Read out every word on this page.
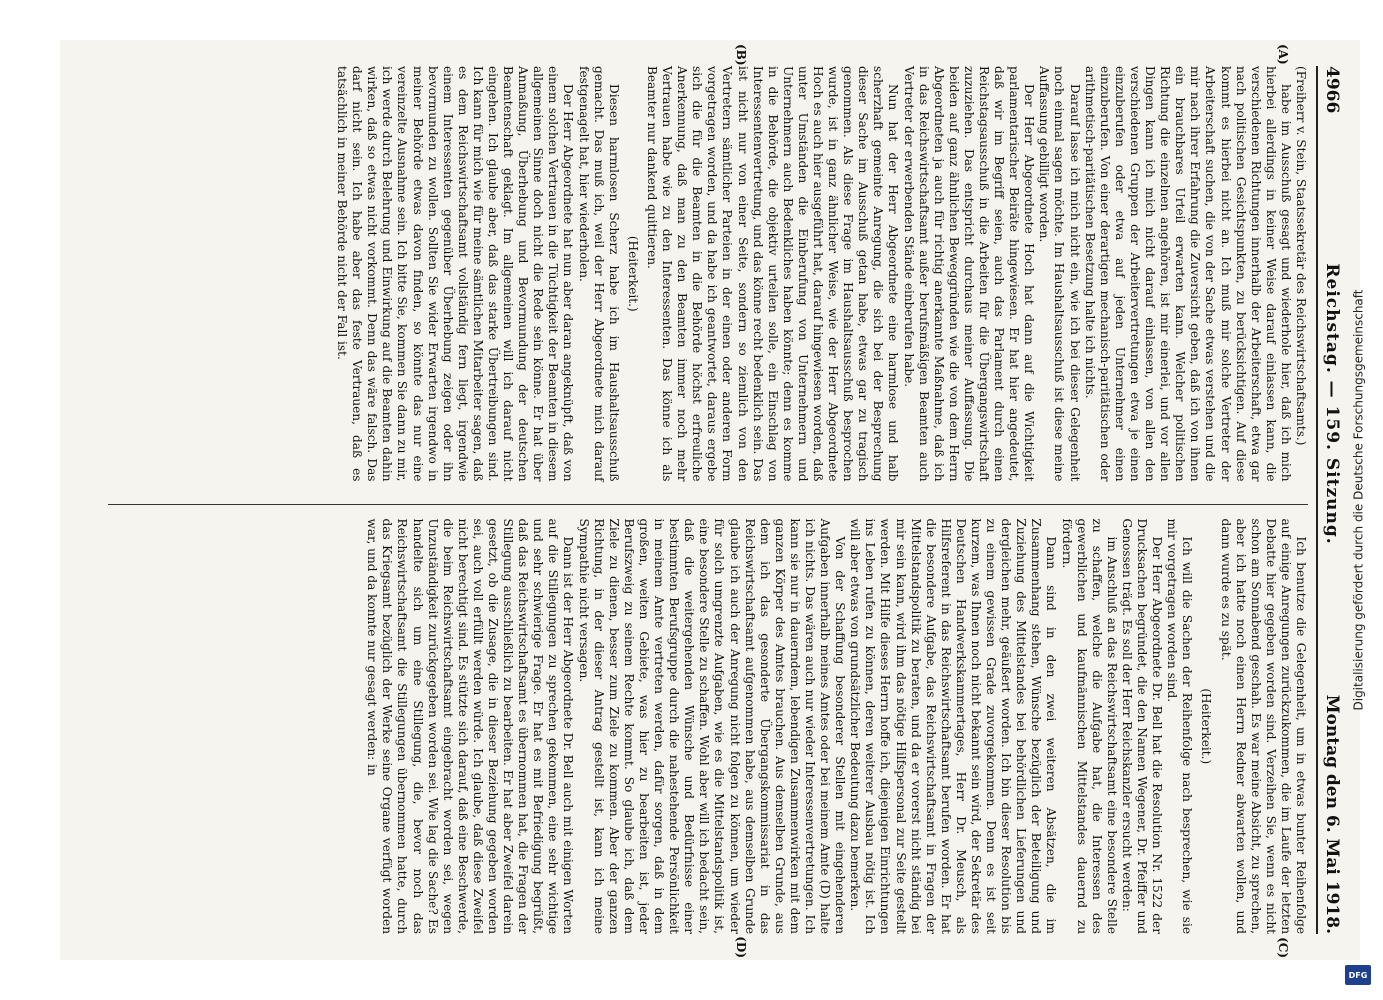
4966
Reichstag. — 159. Sitzung.
Montag den 6. Mai 1918.
(A)
(B)

(Freiherr v. Stein, Staatssekretär des Reichswirtschaftsamts.)

habe im Ausschuß gesagt und wiederhole hier, daß ich mich hierbei allerdings in keiner Weise darauf einlassen kann, die verschiedenen Richtungen innerhalb der Arbeiterschaft, etwa gar nach politischen Gesichtspunkten, zu berücksichtigen. Auf diese kommt es hierbei nicht an. Ich muß mir solche Vertreter der Arbeiterschaft suchen, die von der Sache etwas verstehen und die mir nach ihrer Erfahrung die Zuversicht geben, daß ich von ihnen ein brauchbares Urteil erwarten kann. Welcher politischen Richtung die einzelnen angehören, ist mir einerlei, und vor allen Dingen kann ich mich nicht darauf einlassen, von allen den verschiedenen Gruppen der Arbeitervertretungen etwa je einen einzuberufen oder etwa auf jeden Unternehmer einen einzuberufen. Von einer derartigen mechanisch-paritätischen oder arithmetisch-paritätischen Besetzung halte ich nichts.

Darauf lasse ich mich nicht ein, wie ich bei dieser Gelegenheit noch einmal sagen möchte. Im Haushaltsausschuß ist diese meine Auffassung gebilligt worden.

Der Herr Abgeordnete Hoch hat dann auf die Wichtigkeit parlamentarischer Beiräte hingewiesen. Er hat hier angedeutet, daß wir im Begriff seien, auch das Parlament durch einen Reichstagsausschuß in die Arbeiten für die Übergangswirtschaft zuzuziehen. Das entspricht durchaus meiner Auffassung. Die beiden auf ganz ähnlichen Beweggründen wie die von dem Herrn Abgeordneten ja auch für richtig anerkannte Maßnahme, daß ich in das Reichswirtschaftsamt außer berufsmäßigen Beamten auch Vertreter der erwerbenden Stände einberufen habe.

Nun hat der Herr Abgeordnete eine harmlose und halb scherzhaft gemeinte Anregung, die sich bei der Besprechung dieser Sache im Ausschuß getan habe, etwas gar zu tragisch genommen. Als diese Frage im Haushaltsausschuß besprochen wurde, ist in ganz ähnlicher Weise, wie der Herr Abgeordnete Hoch es auch hier ausgeführt hat, darauf hingewiesen worden, daß unter Umständen die Einberufung von Unternehmern und Unternehmern auch Bedenkliches haben könnte; denn es komme in die Behörde, die objektiv urteilen solle, ein Einschlag von Interessentenvertretung, und das könne recht bedenklich sein. Das ist nicht nur von einer Seite, sondern so ziemlich von den Vertretern sämtlicher Parteien in der einen oder anderen Form vorgetragen worden, und da habe ich geantwortet, daraus ergebe sich die für die Beamten in die Behörde höchst erfreuliche Anerkennung, daß man zu den Beamten immer noch mehr Vertrauen habe wie zu den Interessenten. Das könne ich als Beamter nur dankend quittieren.

(Heiterkeit.)

Diesen harmlosen Scherz habe ich im Haushaltsausschuß gemacht. Das muß ich, weil der Herr Abgeordnete mich darauf festgenagelt hat, hier wiederholen.

Der Herr Abgeordnete hat nun aber daran angeknüpft, daß von einem solchen Vertrauen in die Tüchtigkeit der Beamten in diesem allgemeinen Sinne doch nicht die Rede sein könne. Er hat über Anmaßung, Überhebung und Bevormundung der deutschen Beamtenschaft geklagt. Im allgemeinen will ich darauf nicht eingehen. Ich glaube aber, daß das starke Übertreibungen sind. Ich kann für mich wie für meine sämtlichen Mitarbeiter sagen, daß es dem Reichswirtschaftsamt vollständig fern liegt, irgendwie einem Interessenten gegenüber Überhebung zeigen oder ihn bevormunden zu wollen. Sollten Sie wider Erwarten irgendwo in meiner Behörde etwas davon finden, so könnte das nur eine vereinzelte Ausnahme sein. Ich bitte Sie, kommen Sie dann zu mir, ich werde durch Belehrung und Einwirkung auf die Beamten dahin wirken, daß so etwas nicht vorkommt. Denn das wäre falsch. Das darf nicht sein. Ich habe aber das feste Vertrauen, daß es tatsächlich in meiner Behörde nicht der Fall ist.

(C)
(D)

Ich benutze die Gelegenheit, um in etwas bunter Reihenfolge auf einige Anregungen zurückzukommen, die im Laufe der letzten Debatte hier gegeben worden sind. Verzeihen Sie, wenn es nicht schon am Sonnabend geschah. Es war meine Absicht, zu sprechen, aber ich hatte noch einen Herrn Redner abwarten wollen, und dann wurde es zu spät.

(Heiterkeit.)

Ich will die Sachen der Reihenfolge nach besprechen, wie sie mir vorgetragen worden sind.

Der Herr Abgeordnete Dr. Bell hat die Resolution Nr. 1522 der Drucksachen begründet, die den Namen Wegener, Dr. Pfeiffer und Genossen trägt. Es soll der Herr Reichskanzler ersucht werden:

im Anschluß an das Reichswirtschaftsamt eine besondere Stelle zu schaffen, welche die Aufgabe hat, die Interessen des gewerblichen und kaufmännischen Mittelstandes dauernd zu fördern.

Dann sind in den zwei weiteren Absätzen, die im Zusammenhang stehen, Wünsche bezüglich der Beteiligung und Zuziehung des Mittelstandes bei behördlichen Lieferungen und dergleichen mehr, geäußert worden. Ich bin dieser Resolution bis zu einem gewissen Grade zuvorgekommen. Denn es ist seit kurzem, was Ihnen noch nicht bekannt sein wird, der Sekretär des Deutschen Handwerkskammertages, Herr Dr. Meusch, als Hilfsreferent in das Reichswirtschaftsamt berufen worden. Er hat die besondere Aufgabe, das Reichswirtschaftsamt in Fragen der Mittelstandspolitik zu beraten, und da er vorerst nicht ständig bei mir sein kann, wird ihm das nötige Hilfspersonal zur Seite gestellt werden. Mit Hilfe dieses Herrn hoffe ich, diejenigen Einrichtungen ins Leben rufen zu können, deren weiterer Ausbau nötig ist. Ich will aber etwas von grundsätzlicher Bedeutung dazu bemerken.

Von der Schaffung besonderer Stellen mit eingehenderen Aufgaben innerhalb meines Amtes oder bei meinem Amte (D) halte ich nichts. Das wären auch nur wieder Interessenvertretungen. Ich kann sie nur in dauerndem, lebendigen Zusammenwirken mit dem ganzen Körper des Amtes brauchen. Aus demselben Grunde, aus dem ich das gesonderte Übergangskommissariat in das Reichswirtschaftsamt aufgenommen habe, aus demselben Grunde glaube ich auch der Anregung nicht folgen zu können, um wieder für solch umgrenzte Aufgaben, wie es die Mittelstandspolitik ist, eine besondere Stelle zu schaffen. Wohl aber will ich bedacht sein, daß die weitergehenden Wünsche und Bedürfnisse einer bestimmten Berufsgruppe durch die nahestehende Persönlichkeit in meinem Amte vertreten werden, dafür sorgen, daß in dem großen, weiten Gebiete, was hier zu bearbeiten ist, jeder Berufszweig zu seinem Rechte kommt. So glaube ich, daß dem Ziele zu dienen, besser zum Ziele zu kommen. Aber der ganzen Richtung, in der dieser Antrag gestellt ist, kann ich meine Sympathie nicht versagen.

Dann ist der Herr Abgeordnete Dr. Bell auch mit einigen Worten auf die Stillegungen zu sprechen gekommen, eine sehr wichtige und sehr schwierige Frage. Er hat es mit Befriedigung begrüßt, daß das Reichswirtschaftsamt es übernommen hat, die Fragen der Stillegung ausschließlich zu bearbeiten. Er hat aber Zweifel darein gesetzt, ob die Zusage, die in dieser Beziehung gegeben worden sei, auch voll erfüllt werden würde. Ich glaube, daß diese Zweifel nicht berechtigt sind. Es stützte sich darauf, daß eine Beschwerde, die beim Reichswirtschaftsamt eingebracht worden sei, wegen Unzuständigkeit zurückgegeben worden sei. Wie lag die Sache? Es handelte sich um eine Stillegung, die, bevor noch das Reichswirtschaftsamt die Stillegungen übernommen hatte, durch das Kriegsamt bezüglich der Werke seine Organe verfügt worden war, und da konnte nur gesagt werden: in	Digitalisierung gefördert durch die Deutsche Forschungsgemeinschaft
DFG
